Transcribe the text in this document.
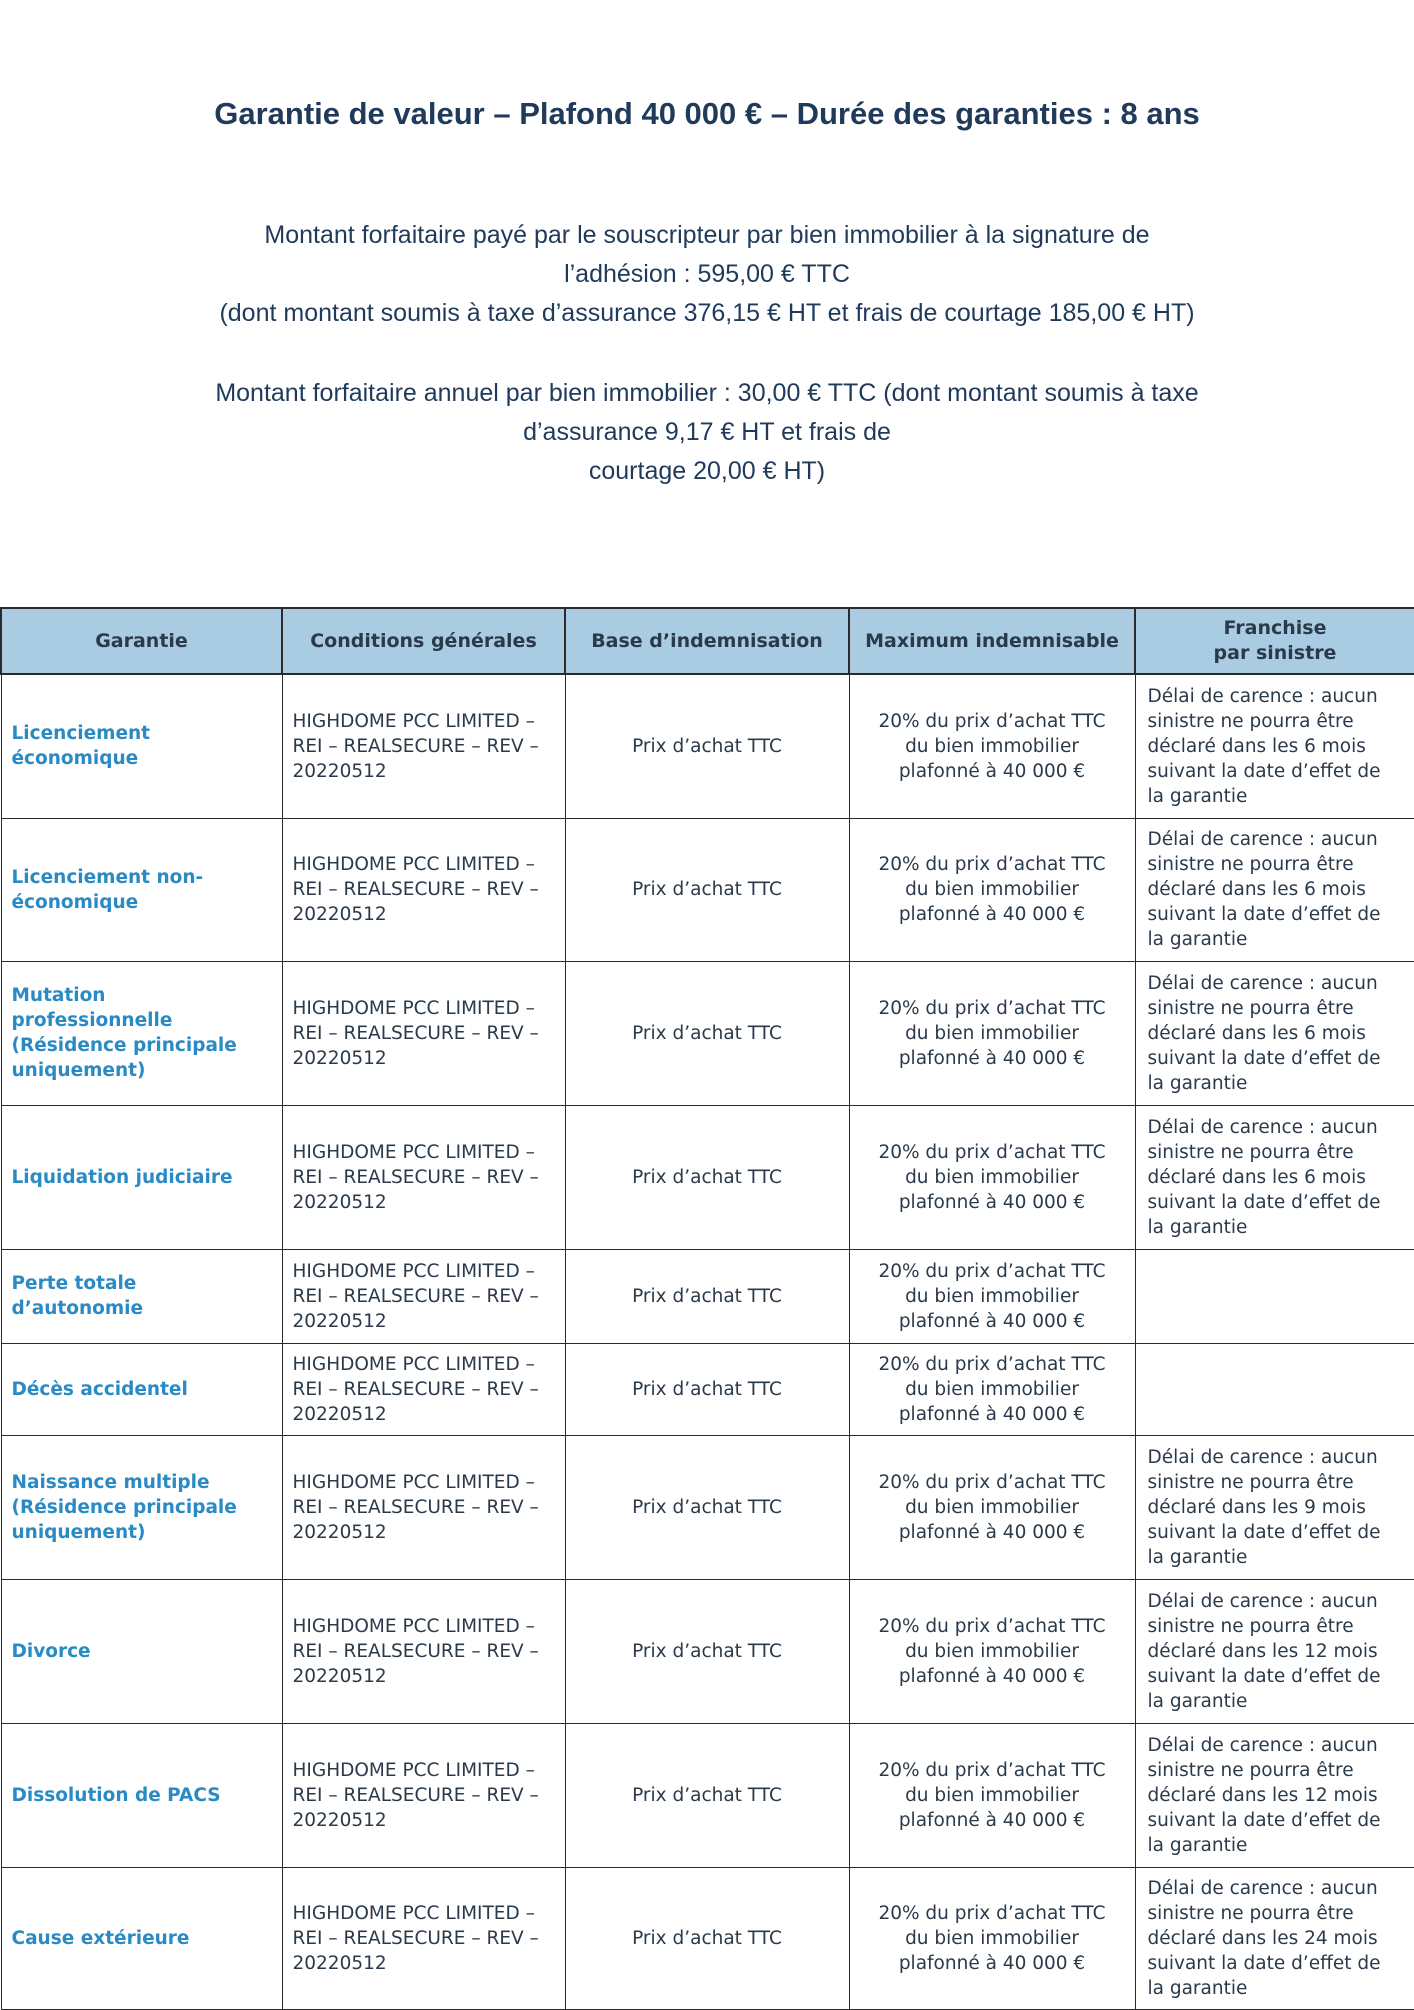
Garantie de valeur – Plafond 40 000 € – Durée des garanties : 8 ans
Montant forfaitaire payé par le souscripteur par bien immobilier à la signature de
l’adhésion : 595,00 € TTC
(dont montant soumis à taxe d’assurance 376,15 € HT et frais de courtage 185,00 € HT)
Montant forfaitaire annuel par bien immobilier : 30,00 € TTC (dont montant soumis à taxe
d’assurance 9,17 € HT et frais de
courtage 20,00 € HT)
Garantie	Conditions générales	Base d’indemnisation	Maximum indemnisable	Franchise
par sinistre

Licenciement économique	HIGHDOME PCC LIMITED –
REI – REALSECURE – REV –
20220512	Prix d’achat TTC	20% du prix d’achat TTC
du bien immobilier
plafonné à 40 000 €	Délai de carence : aucun
sinistre ne pourra être
déclaré dans les 6 mois
suivant la date d’effet de
la garantie

Licenciement non-
économique	HIGHDOME PCC LIMITED –
REI – REALSECURE – REV –
20220512	Prix d’achat TTC	20% du prix d’achat TTC
du bien immobilier
plafonné à 40 000 €	Délai de carence : aucun
sinistre ne pourra être
déclaré dans les 6 mois
suivant la date d’effet de
la garantie

Mutation professionnelle
(Résidence principale
uniquement)	HIGHDOME PCC LIMITED –
REI – REALSECURE – REV –
20220512	Prix d’achat TTC	20% du prix d’achat TTC
du bien immobilier
plafonné à 40 000 €	Délai de carence : aucun
sinistre ne pourra être
déclaré dans les 6 mois
suivant la date d’effet de
la garantie

Liquidation judiciaire	HIGHDOME PCC LIMITED –
REI – REALSECURE – REV –
20220512	Prix d’achat TTC	20% du prix d’achat TTC
du bien immobilier
plafonné à 40 000 €	Délai de carence : aucun
sinistre ne pourra être
déclaré dans les 6 mois
suivant la date d’effet de
la garantie

Perte totale d’autonomie	HIGHDOME PCC LIMITED –
REI – REALSECURE – REV –
20220512	Prix d’achat TTC	20% du prix d’achat TTC
du bien immobilier
plafonné à 40 000 €	

Décès accidentel	HIGHDOME PCC LIMITED –
REI – REALSECURE – REV –
20220512	Prix d’achat TTC	20% du prix d’achat TTC
du bien immobilier
plafonné à 40 000 €	

Naissance multiple
(Résidence principale
uniquement)	HIGHDOME PCC LIMITED –
REI – REALSECURE – REV –
20220512	Prix d’achat TTC	20% du prix d’achat TTC
du bien immobilier
plafonné à 40 000 €	Délai de carence : aucun
sinistre ne pourra être
déclaré dans les 9 mois
suivant la date d’effet de
la garantie

Divorce	HIGHDOME PCC LIMITED –
REI – REALSECURE – REV –
20220512	Prix d’achat TTC	20% du prix d’achat TTC
du bien immobilier
plafonné à 40 000 €	Délai de carence : aucun
sinistre ne pourra être
déclaré dans les 12 mois
suivant la date d’effet de
la garantie

Dissolution de PACS	HIGHDOME PCC LIMITED –
REI – REALSECURE – REV –
20220512	Prix d’achat TTC	20% du prix d’achat TTC
du bien immobilier
plafonné à 40 000 €	Délai de carence : aucun
sinistre ne pourra être
déclaré dans les 12 mois
suivant la date d’effet de
la garantie

Cause extérieure	HIGHDOME PCC LIMITED –
REI – REALSECURE – REV –
20220512	Prix d’achat TTC	20% du prix d’achat TTC
du bien immobilier
plafonné à 40 000 €	Délai de carence : aucun
sinistre ne pourra être
déclaré dans les 24 mois
suivant la date d’effet de
la garantie
